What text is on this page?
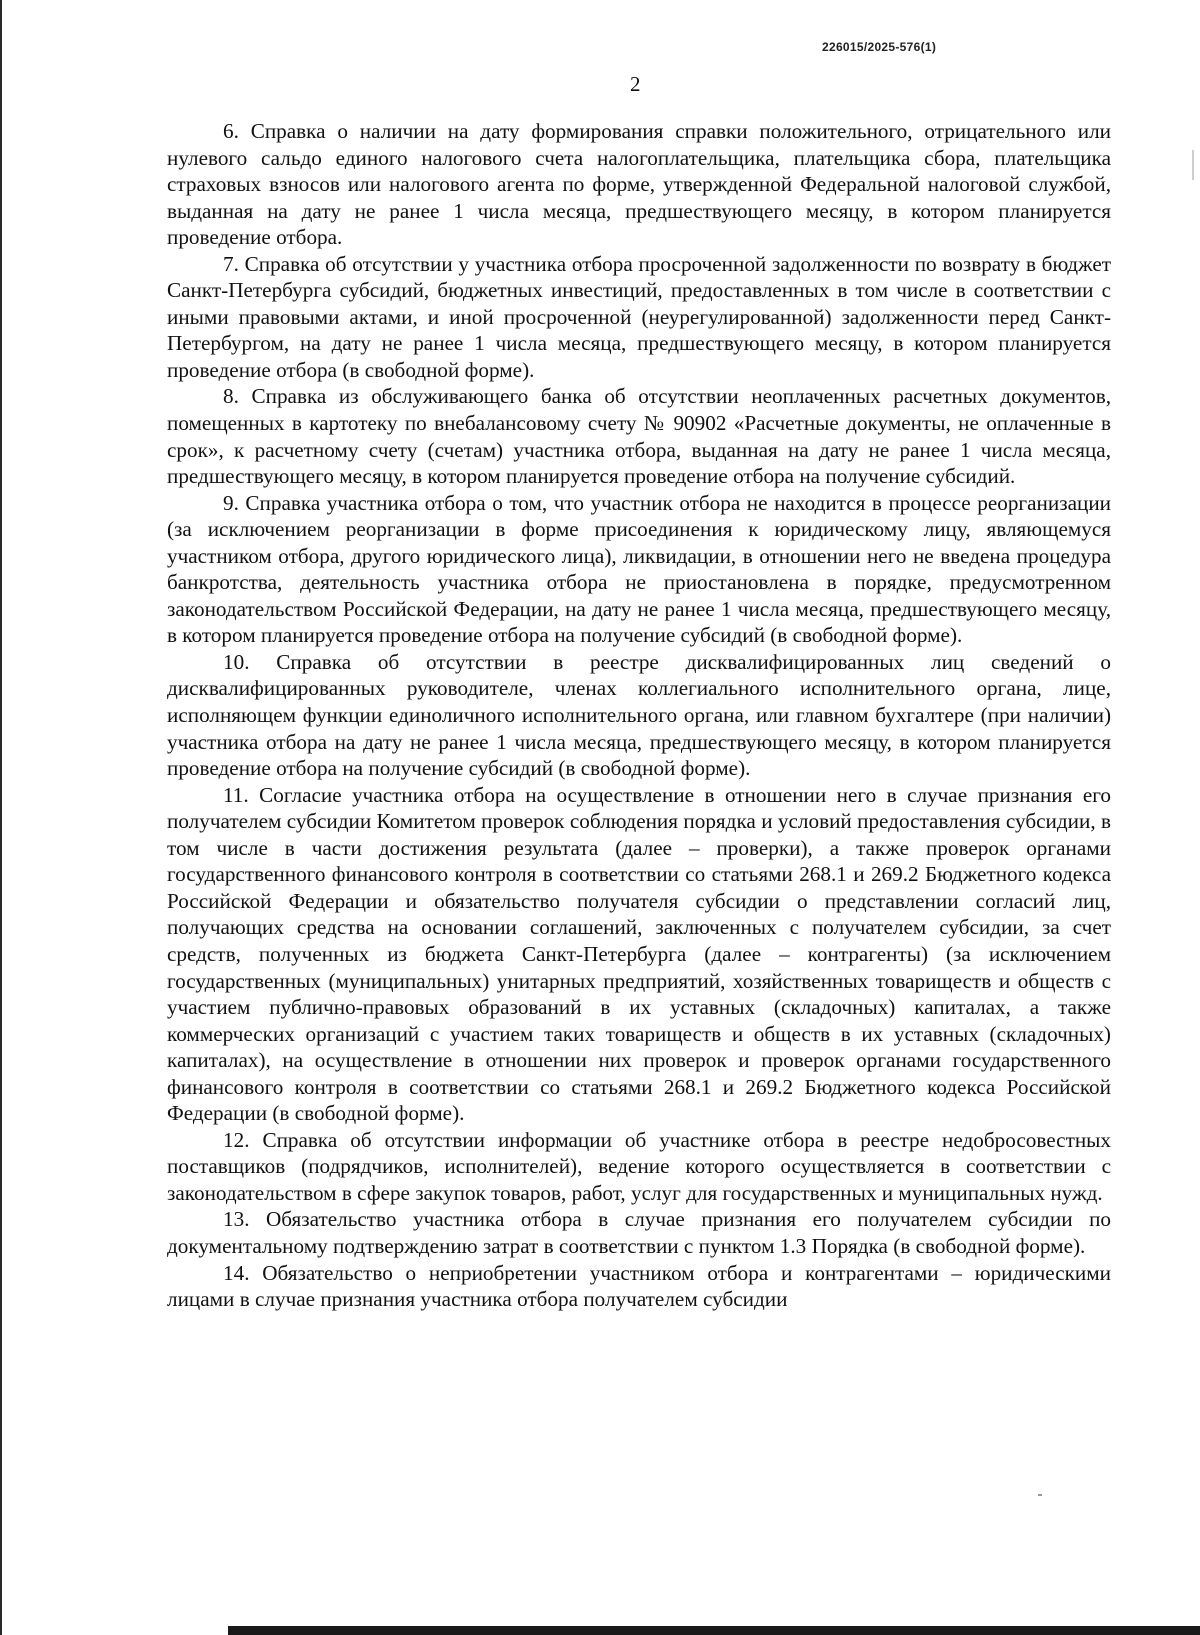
226015/2025-576(1)
2

6. Справка о наличии на дату формирования справки положительного, отрицательного или нулевого сальдо единого налогового счета налогоплательщика, плательщика сбора, плательщика страховых взносов или налогового агента по форме, утвержденной Федеральной налоговой службой, выданная на дату не ранее 1 числа месяца, предшествующего месяцу, в котором планируется проведение отбора.

7. Справка об отсутствии у участника отбора просроченной задолженности по возврату в бюджет Санкт-Петербурга субсидий, бюджетных инвестиций, предоставленных в том числе в соответствии с иными правовыми актами, и иной просроченной (неурегулированной) задолженности перед Санкт-Петербургом, на дату не ранее 1 числа месяца, предшествующего месяцу, в котором планируется проведение отбора (в свободной форме).

8. Справка из обслуживающего банка об отсутствии неоплаченных расчетных документов, помещенных в картотеку по внебалансовому счету № 90902 «Расчетные документы, не оплаченные в срок», к расчетному счету (счетам) участника отбора, выданная на дату не ранее 1 числа месяца, предшествующего месяцу, в котором планируется проведение отбора на получение субсидий.

9. Справка участника отбора о том, что участник отбора не находится в процессе реорганизации (за исключением реорганизации в форме присоединения к юридическому лицу, являющемуся участником отбора, другого юридического лица), ликвидации, в отношении него не введена процедура банкротства, деятельность участника отбора не приостановлена в порядке, предусмотренном законодательством Российской Федерации, на дату не ранее 1 числа месяца, предшествующего месяцу, в котором планируется проведение отбора на получение субсидий (в свободной форме).

10. Справка об отсутствии в реестре дисквалифицированных лиц сведений о дисквалифицированных руководителе, членах коллегиального исполнительного органа, лице, исполняющем функции единоличного исполнительного органа, или главном бухгалтере (при наличии) участника отбора на дату не ранее 1 числа месяца, предшествующего месяцу, в котором планируется проведение отбора на получение субсидий (в свободной форме).

11. Согласие участника отбора на осуществление в отношении него в случае признания его получателем субсидии Комитетом проверок соблюдения порядка и условий предоставления субсидии, в том числе в части достижения результата (далее – проверки), а также проверок органами государственного финансового контроля в соответствии со статьями 268.1 и 269.2 Бюджетного кодекса Российской Федерации и обязательство получателя субсидии о представлении согласий лиц, получающих средства на основании соглашений, заключенных с получателем субсидии, за счет средств, полученных из бюджета Санкт-Петербурга (далее – контрагенты) (за исключением государственных (муниципальных) унитарных предприятий, хозяйственных товариществ и обществ с участием публично-правовых образований в их уставных (складочных) капиталах, а также коммерческих организаций с участием таких товариществ и обществ в их уставных (складочных) капиталах), на осуществление в отношении них проверок и проверок органами государственного финансового контроля в соответствии со статьями 268.1 и 269.2 Бюджетного кодекса Российской Федерации (в свободной форме).

12. Справка об отсутствии информации об участнике отбора в реестре недобросовестных поставщиков (подрядчиков, исполнителей), ведение которого осуществляется в соответствии с законодательством в сфере закупок товаров, работ, услуг для государственных и муниципальных нужд.

13. Обязательство участника отбора в случае признания его получателем субсидии по документальному подтверждению затрат в соответствии с пунктом 1.3 Порядка (в свободной форме).

14. Обязательство о неприобретении участником отбора и контрагентами – юридическими лицами в случае признания участника отбора получателем субсидии
